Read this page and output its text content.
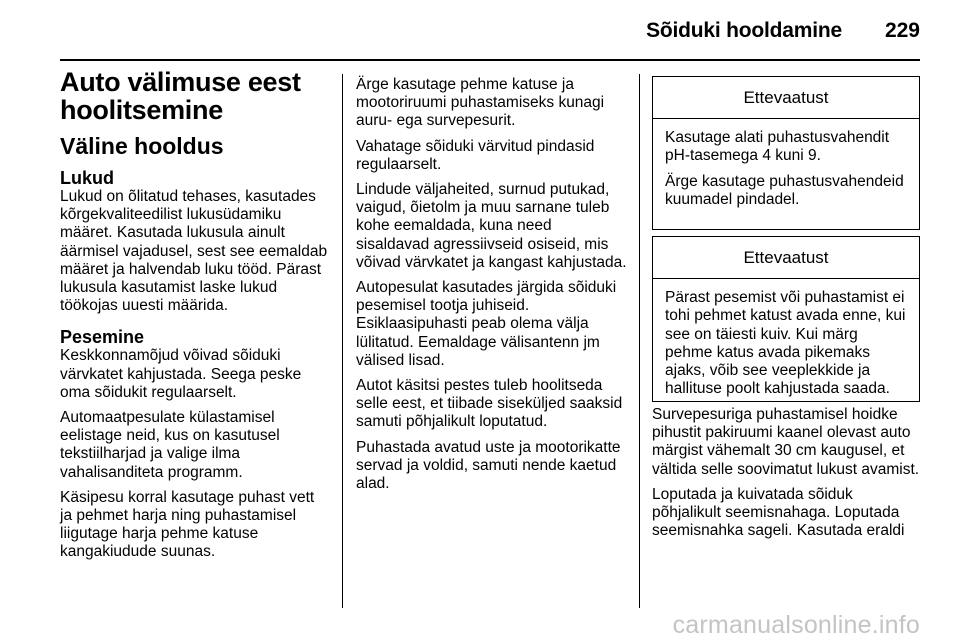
Sõiduki hooldamine 229
Auto välimuse eest hoolitsemine
Väline hooldus
Lukud

Lukud on õlitatud tehases, kasutades kõrgekvaliteedilist lukusüdamiku määret. Kasutada lukusula ainult äärmisel vajadusel, sest see eemaldab määret ja halvendab luku tööd. Pärast lukusula kasutamist laske lukud töökojas uuesti määrida.

Pesemine

Keskkonnamõjud võivad sõiduki värvkatet kahjustada. Seega peske oma sõidukit regulaarselt.

Automaatpesulate külastamisel eelistage neid, kus on kasutusel tekstiilharjad ja valige ilma vahalisanditeta programm.

Käsipesu korral kasutage puhast vett ja pehmet harja ning puhastamisel liigutage harja pehme katuse kangakiudude suunas.

Ärge kasutage pehme katuse ja mootoriruumi puhastamiseks kunagi auru- ega survepesurit.

Vahatage sõiduki värvitud pindasid regulaarselt.

Lindude väljaheited, surnud putukad, vaigud, õietolm ja muu sarnane tuleb kohe eemaldada, kuna need sisaldavad agressiivseid osiseid, mis võivad värvkatet ja kangast kahjustada.

Autopesulat kasutades järgida sõiduki pesemisel tootja juhiseid. Esiklaasipuhasti peab olema välja lülitatud. Eemaldage välisantenn jm välised lisad.

Autot käsitsi pestes tuleb hoolitseda selle eest, et tiibade siseküljed saaksid samuti põhjalikult loputatud.

Puhastada avatud uste ja mootorikatte servad ja voldid, samuti nende kaetud alad.

Ettevaatust

Kasutage alati puhastusvahendit pH-tasemega 4 kuni 9.

Ärge kasutage puhastusvahendeid kuumadel pindadel.

Ettevaatust

Pärast pesemist või puhastamist ei tohi pehmet katust avada enne, kui see on täiesti kuiv. Kui märg pehme katus avada pikemaks ajaks, võib see veeplekkide ja hallituse poolt kahjustada saada.

Survepesuriga puhastamisel hoidke pihustit pakiruumi kaanel olevast auto märgist vähemalt 30 cm kaugusel, et vältida selle soovimatut lukust avamist.

Loputada ja kuivatada sõiduk põhjalikult seemisnahaga. Loputada seemisnahka sageli. Kasutada eraldi

carmanualsonline.info
